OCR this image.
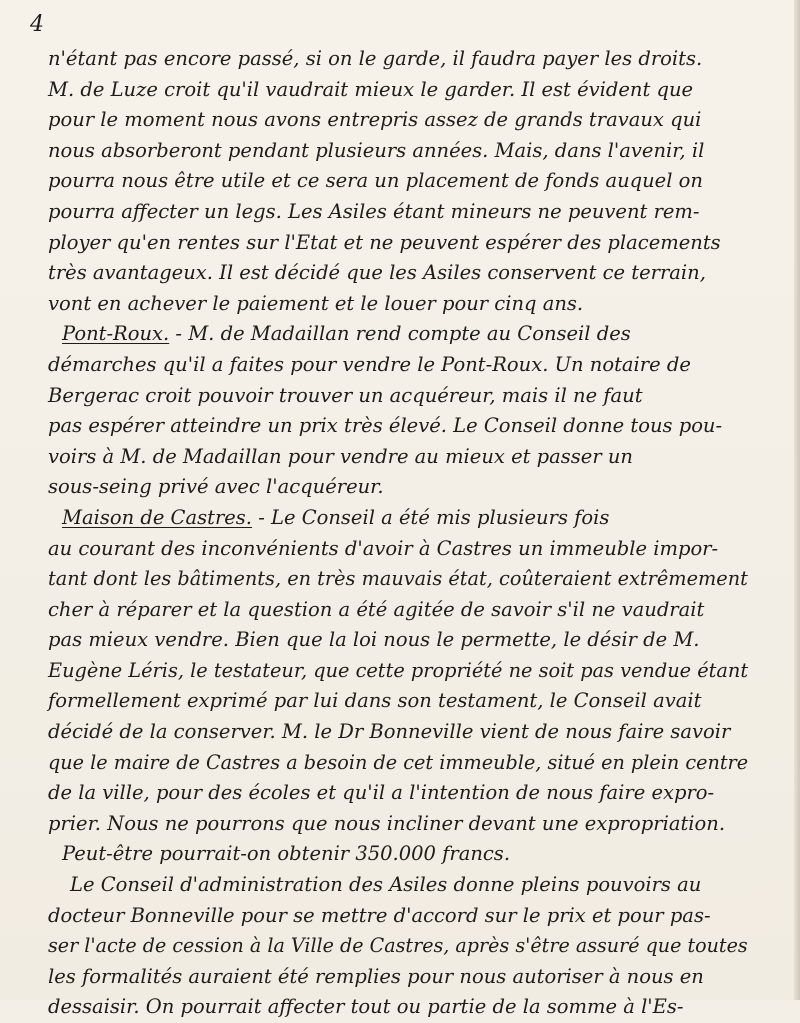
4
n'étant pas encore passé, si on le garde, il faudra payer les droits.
M. de Luze croit qu'il vaudrait mieux le garder. Il est évident que
pour le moment nous avons entrepris assez de grands travaux qui
nous absorberont pendant plusieurs années. Mais, dans l'avenir, il
pourra nous être utile et ce sera un placement de fonds auquel on
pourra affecter un legs. Les Asiles étant mineurs ne peuvent rem-
ployer qu'en rentes sur l'Etat et ne peuvent espérer des placements
très avantageux. Il est décidé que les Asiles conservent ce terrain,
vont en achever le paiement et le louer pour cinq ans.
Pont-Roux. - M. de Madaillan rend compte au Conseil des
démarches qu'il a faites pour vendre le Pont-Roux. Un notaire de
Bergerac croit pouvoir trouver un acquéreur, mais il ne faut
pas espérer atteindre un prix très élevé. Le Conseil donne tous pou-
voirs à M. de Madaillan pour vendre au mieux et passer un
sous-seing privé avec l'acquéreur.
Maison de Castres. - Le Conseil a été mis plusieurs fois
au courant des inconvénients d'avoir à Castres un immeuble impor-
tant dont les bâtiments, en très mauvais état, coûteraient extrêmement
cher à réparer et la question a été agitée de savoir s'il ne vaudrait
pas mieux vendre. Bien que la loi nous le permette, le désir de M.
Eugène Léris, le testateur, que cette propriété ne soit pas vendue étant
formellement exprimé par lui dans son testament, le Conseil avait
décidé de la conserver. M. le Dr Bonneville vient de nous faire savoir
que le maire de Castres a besoin de cet immeuble, situé en plein centre
de la ville, pour des écoles et qu'il a l'intention de nous faire expro-
prier. Nous ne pourrons que nous incliner devant une expropriation.
Peut-être pourrait-on obtenir 350.000 francs.
Le Conseil d'administration des Asiles donne pleins pouvoirs au
docteur Bonneville pour se mettre d'accord sur le prix et pour pas-
ser l'acte de cession à la Ville de Castres, après s'être assuré que toutes
les formalités auraient été remplies pour nous autoriser à nous en
dessaisir. On pourrait affecter tout ou partie de la somme à l'Es-
